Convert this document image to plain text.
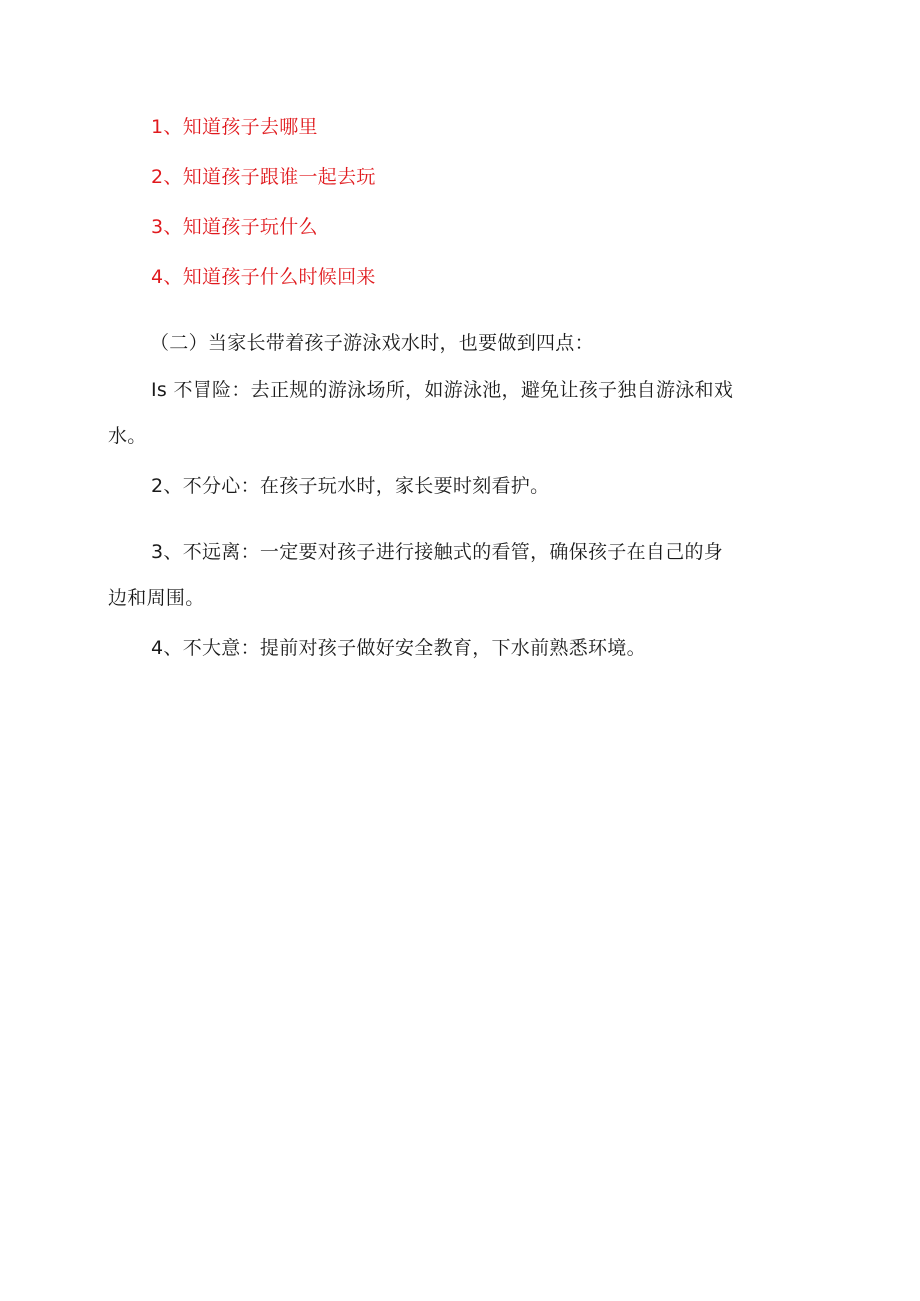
1、知道孩子去哪里
2、知道孩子跟谁一起去玩
3、知道孩子玩什么
4、知道孩子什么时候回来
（二）当家长带着孩子游泳戏水时，也要做到四点：
Is 不冒险：去正规的游泳场所，如游泳池，避免让孩子独自游泳和戏
水。
2、不分心：在孩子玩水时，家长要时刻看护。
3、不远离：一定要对孩子进行接触式的看管，确保孩子在自己的身
边和周围。
4、不大意：提前对孩子做好安全教育，下水前熟悉环境。
